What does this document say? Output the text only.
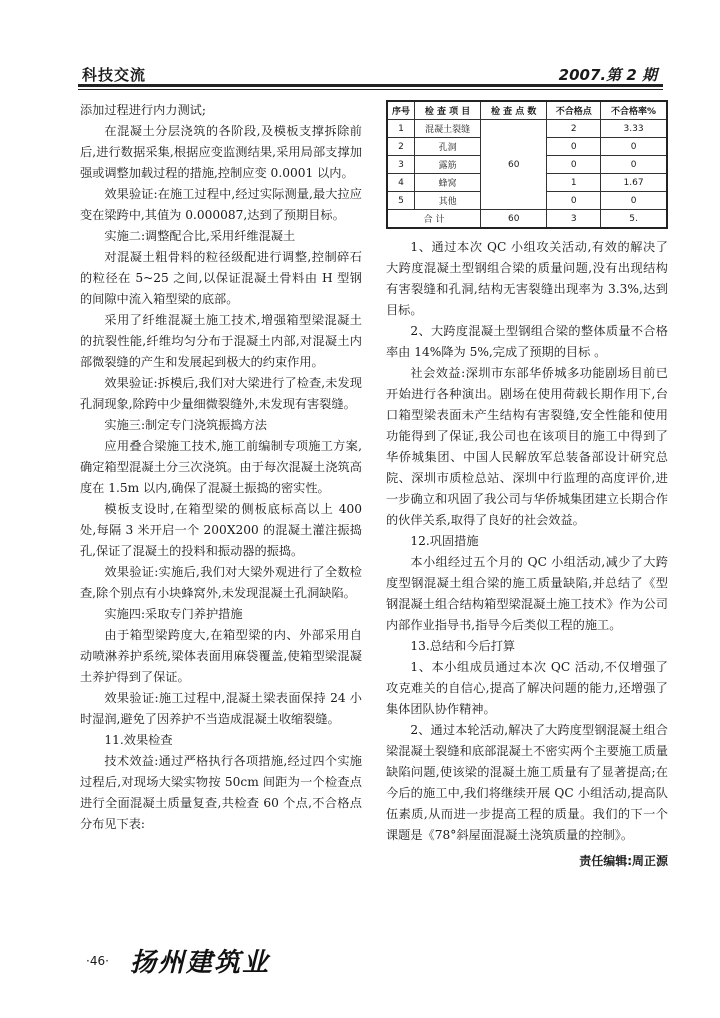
科技交流	2007.第 2 期

添加过程进行内力测试;

在混凝土分层浇筑的各阶段,及模板支撑拆除前后,进行数据采集,根据应变监测结果,采用局部支撑加强或调整加载过程的措施,控制应变 0.0001 以内。

效果验证:在施工过程中,经过实际测量,最大拉应变在梁跨中,其值为 0.000087,达到了预期目标。

实施二:调整配合比,采用纤维混凝土

对混凝土粗骨料的粒径级配进行调整,控制碎石的粒径在 5~25 之间,以保证混凝土骨料由 H 型钢的间隙中流入箱型梁的底部。

采用了纤维混凝土施工技术,增强箱型梁混凝土的抗裂性能,纤维均匀分布于混凝土内部,对混凝土内部微裂缝的产生和发展起到极大的约束作用。

效果验证:拆模后,我们对大梁进行了检查,未发现孔洞现象,除跨中少量细微裂缝外,未发现有害裂缝。

实施三:制定专门浇筑振捣方法

应用叠合梁施工技术,施工前编制专项施工方案,确定箱型混凝土分三次浇筑。由于每次混凝土浇筑高度在 1.5m 以内,确保了混凝土振捣的密实性。

模板支设时,在箱型梁的侧板底标高以上 400 处,每隔 3 米开启一个 200X200 的混凝土灌注振捣孔,保证了混凝土的投料和振动器的振捣。

效果验证:实施后,我们对大梁外观进行了全数检查,除个别点有小块蜂窝外,未发现混凝土孔洞缺陷。

实施四:采取专门养护措施

由于箱型梁跨度大,在箱型梁的内、外部采用自动喷淋养护系统,梁体表面用麻袋覆盖,使箱型梁混凝土养护得到了保证。

效果验证:施工过程中,混凝土梁表面保持 24 小时湿润,避免了因养护不当造成混凝土收缩裂缝。

11.效果检查

技术效益:通过严格执行各项措施,经过四个实施过程后,对现场大梁实物按 50cm 间距为一个检查点进行全面混凝土质量复查,共检查 60 个点,不合格点分布见下表:

序号	检 查 项 目	检 查 点 数	不合格点	不合格率%
1	混凝土裂缝	60	2	3.33
2	孔洞		0	0
3	露筋		0	0
4	蜂窝		1	1.67
5	其他		0	0
合 计		60	3	5.

1、通过本次 QC 小组攻关活动,有效的解决了大跨度混凝土型钢组合梁的质量问题,没有出现结构有害裂缝和孔洞,结构无害裂缝出现率为 3.3%,达到目标。

2、大跨度混凝土型钢组合梁的整体质量不合格率由 14%降为 5%,完成了预期的目标 。

社会效益:深圳市东部华侨城多功能剧场目前已开始进行各种演出。剧场在使用荷载长期作用下,台口箱型梁表面未产生结构有害裂缝,安全性能和使用功能得到了保证,我公司也在该项目的施工中得到了华侨城集团、中国人民解放军总装备部设计研究总院、深圳市质检总站、深圳中行监理的高度评价,进一步确立和巩固了我公司与华侨城集团建立长期合作的伙伴关系,取得了良好的社会效益。

12.巩固措施

本小组经过五个月的 QC 小组活动,减少了大跨度型钢混凝土组合梁的施工质量缺陷,并总结了《型钢混凝土组合结构箱型梁混凝土施工技术》作为公司内部作业指导书,指导今后类似工程的施工。

13.总结和今后打算

1、本小组成员通过本次 QC 活动,不仅增强了攻克难关的自信心,提高了解决问题的能力,还增强了集体团队协作精神。

2、通过本轮活动,解决了大跨度型钢混凝土组合梁混凝土裂缝和底部混凝土不密实两个主要施工质量缺陷问题,使该梁的混凝土施工质量有了显著提高;在今后的施工中,我们将继续开展 QC 小组活动,提高队伍素质,从而进一步提高工程的质量。我们的下一个课题是《78°斜屋面混凝土浇筑质量的控制》。

责任编辑:周正源
·46· 扬州建筑业
